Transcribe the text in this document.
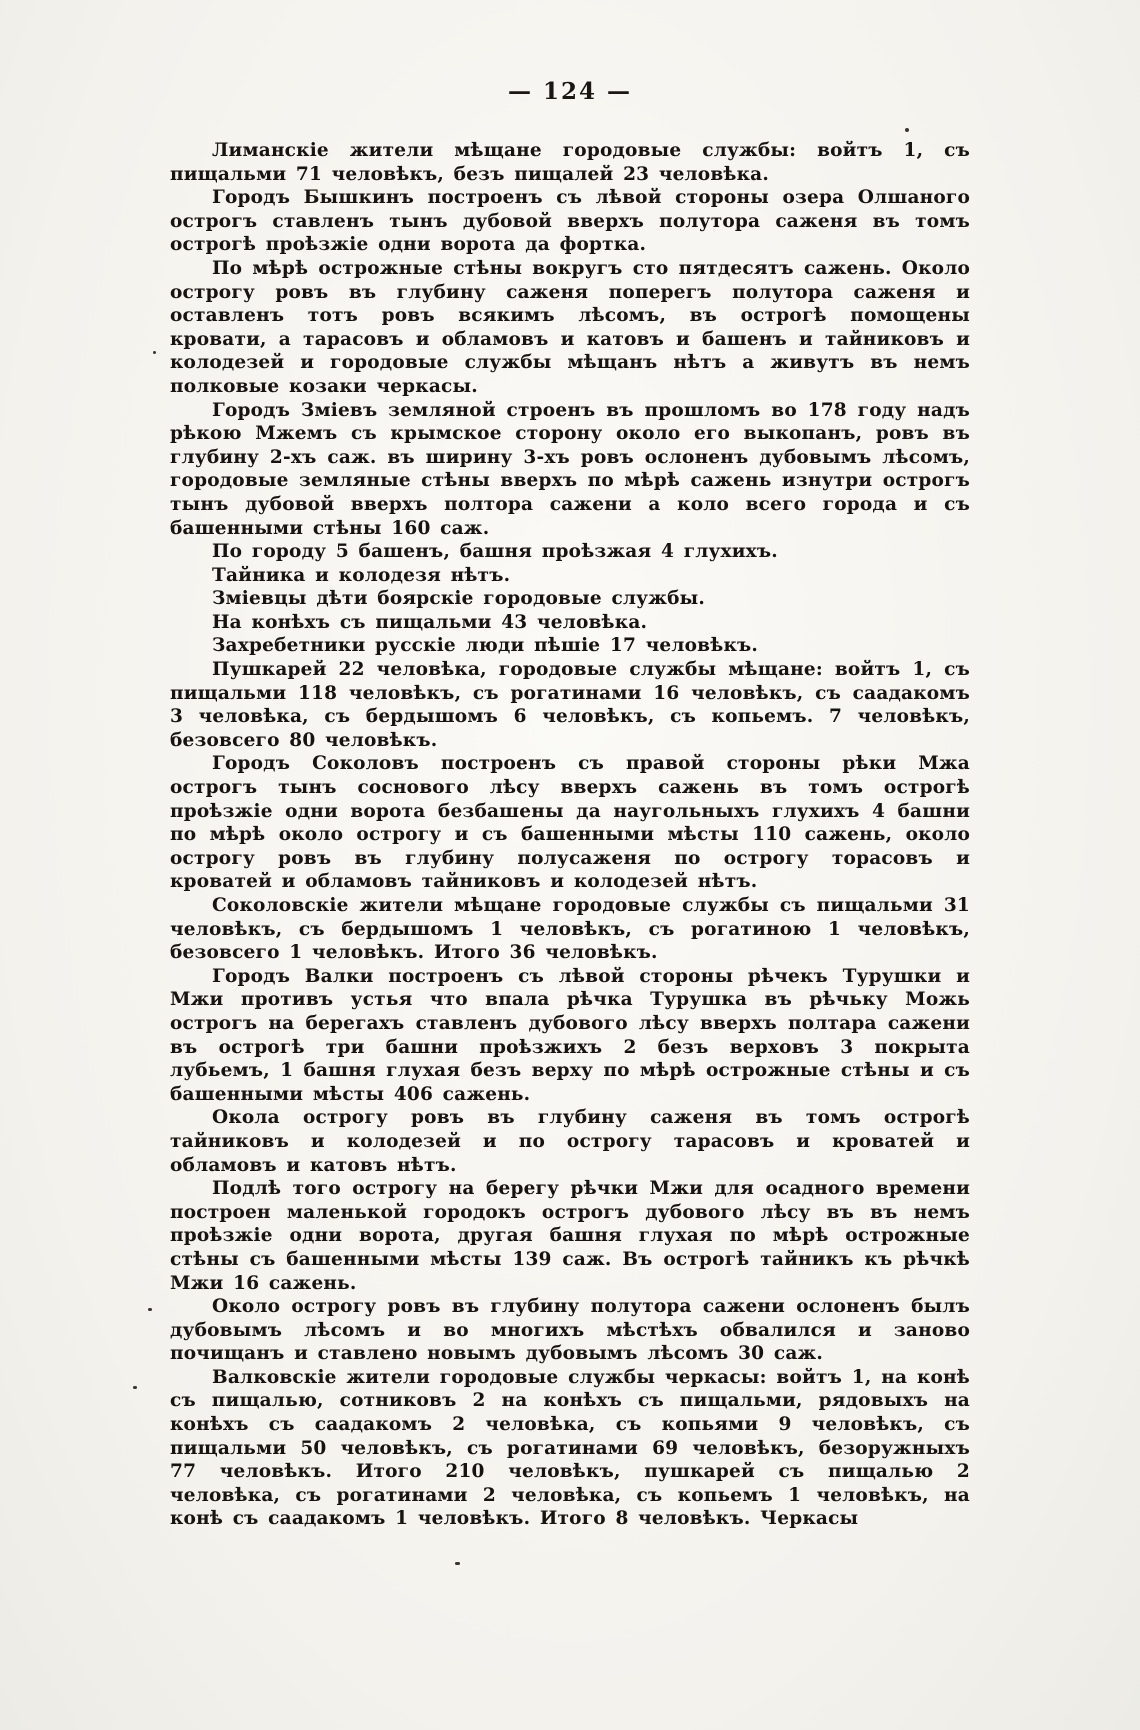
— 124 —

Лиманскіе жители мѣщане городовые службы: войтъ 1, съ пищальми 71 человѣкъ, безъ пищалей 23 человѣка.

Городъ Бышкинъ построенъ съ лѣвой стороны озера Олшаного острогъ ставленъ тынъ дубовой вверхъ полутора саженя въ томъ острогѣ проѣзжіе одни ворота да фортка.

По мѣрѣ острожные стѣны вокругъ сто пятдесятъ сажень. Около острогу ровъ въ глубину саженя поперегъ полутора саженя и оставленъ тотъ ровъ всякимъ лѣсомъ, въ острогѣ помощены кровати, а тарасовъ и обламовъ и катовъ и башенъ и тайниковъ и колодезей и городовые службы мѣщанъ нѣтъ а живутъ въ немъ полковые козаки черкасы.

Городъ Зміевъ земляной строенъ въ прошломъ во 178 году надъ рѣкою Мжемъ съ крымское сторону около его выкопанъ, ровъ въ глубину 2-хъ саж. въ ширину 3-хъ ровъ ослоненъ дубовымъ лѣсомъ, городовые земляные стѣны вверхъ по мѣрѣ сажень изнутри острогъ тынъ дубовой вверхъ полтора сажени а коло всего города и съ башенными стѣны 160 саж.

По городу 5 башенъ, башня проѣзжая 4 глухихъ.

Тайника и колодезя нѣтъ.

Зміевцы дѣти боярскіе городовые службы.

На конѣхъ съ пищальми 43 человѣка.

Захребетники русскіе люди пѣшіе 17 человѣкъ.

Пушкарей 22 человѣка, городовые службы мѣщане: войтъ 1, съ пищальми 118 человѣкъ, съ рогатинами 16 человѣкъ, съ саадакомъ 3 человѣка, съ бердышомъ 6 человѣкъ, съ копьемъ. 7 человѣкъ, безовсего 80 человѣкъ.

Городъ Соколовъ построенъ съ правой стороны рѣки Мжа острогъ тынъ соснового лѣсу вверхъ сажень въ томъ острогѣ проѣзжіе одни ворота безбашены да наугольныхъ глухихъ 4 башни по мѣрѣ около острогу и съ башенными мѣсты 110 сажень, около острогу ровъ въ глубину полусаженя по острогу торасовъ и кроватей и обламовъ тайниковъ и колодезей нѣтъ.

Соколовскіе жители мѣщане городовые службы съ пищальми 31 человѣкъ, съ бердышомъ 1 человѣкъ, съ рогатиною 1 человѣкъ, безовсего 1 человѣкъ. Итого 36 человѣкъ.

Городъ Валки построенъ съ лѣвой стороны рѣчекъ Турушки и Мжи противъ устья что впала рѣчка Турушка въ рѣчьку Можь острогъ на берегахъ ставленъ дубового лѣсу вверхъ полтара сажени въ острогѣ три башни проѣзжихъ 2 безъ верховъ 3 покрыта лубьемъ, 1 башня глухая безъ верху по мѣрѣ острожные стѣны и съ башенными мѣсты 406 сажень.

Окола острогу ровъ въ глубину саженя въ томъ острогѣ тайниковъ и колодезей и по острогу тарасовъ и кроватей и обламовъ и катовъ нѣтъ.

Подлѣ того острогу на берегу рѣчки Мжи для осадного времени построен маленькой городокъ острогъ дубового лѣсу въ въ немъ проѣзжіе одни ворота, другая башня глухая по мѣрѣ острожные стѣны съ башенными мѣсты 139 саж. Въ острогѣ тайникъ къ рѣчкѣ Мжи 16 сажень.

Около острогу ровъ въ глубину полутора сажени ослоненъ былъ дубовымъ лѣсомъ и во многихъ мѣстѣхъ обвалился и заново почищанъ и ставлено новымъ дубовымъ лѣсомъ 30 саж.

Валковскіе жители городовые службы черкасы: войтъ 1, на конѣ съ пищалью, сотниковъ 2 на конѣхъ съ пищальми, рядовыхъ на конѣхъ съ саадакомъ 2 человѣка, съ копьями 9 человѣкъ, съ пищальми 50 человѣкъ, съ рогатинами 69 человѣкъ, безоружныхъ 77 человѣкъ. Итого 210 человѣкъ, пушкарей съ пищалью 2 человѣка, съ рогатинами 2 человѣка, съ копьемъ 1 человѣкъ, на конѣ съ саадакомъ 1 человѣкъ. Итого 8 человѣкъ. Черкасы
